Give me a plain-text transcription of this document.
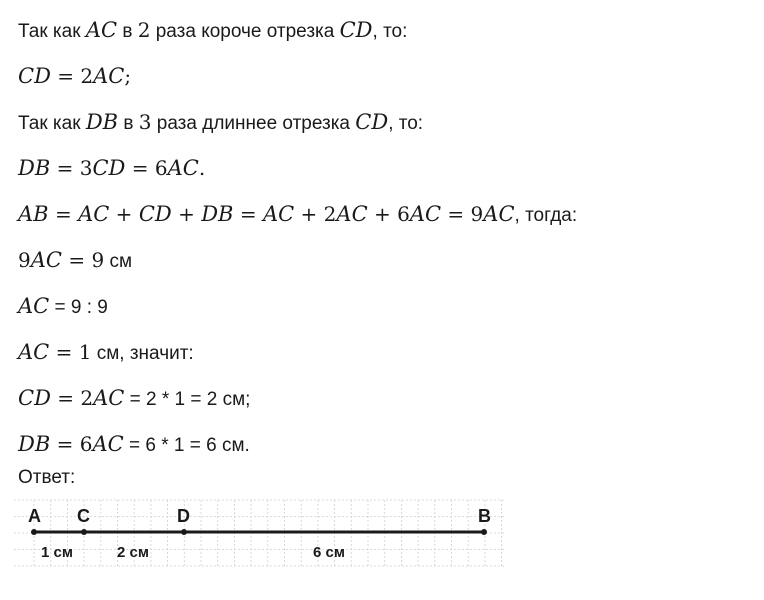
Так как AC в 2 раза короче отрезка CD, то:
CD = 2AC;
Так как DB в 3 раза длиннее отрезка CD, то:
DB = 3CD = 6AC.
AB = AC + CD + DB = AC + 2AC + 6AC = 9AC, тогда:
9AC = 9 см
AC = 9 : 9
AC = 1 см, значит:
CD = 2AC = 2 * 1 = 2 см;
DB = 6AC = 6 * 1 = 6 см.
Ответ:
A C	D	B
1 см	2 см	6 см
